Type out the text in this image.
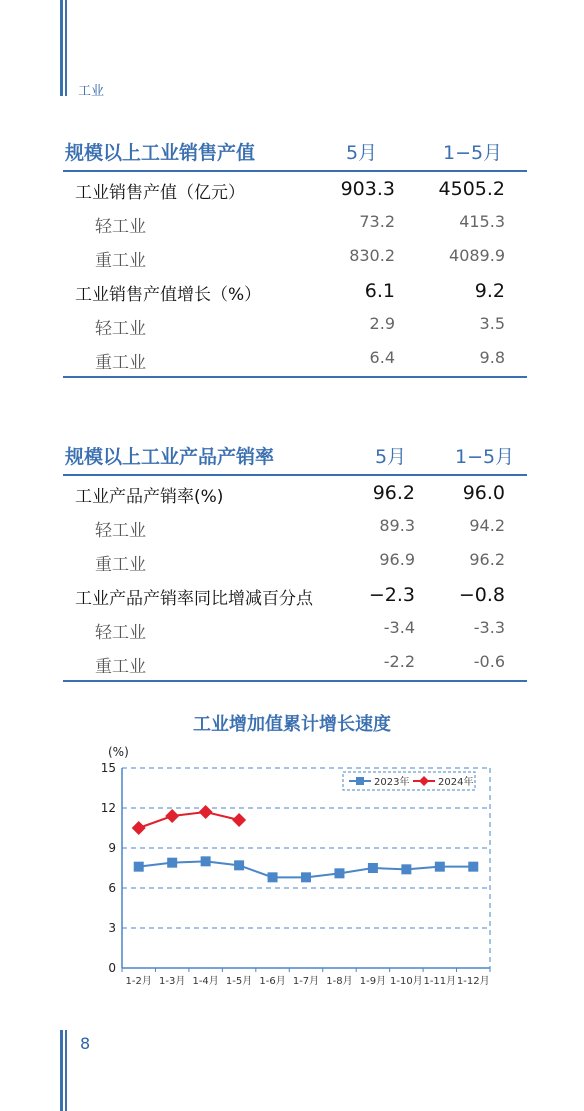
工业
规模以上工业销售产值	5月	1−5月
工业销售产值（亿元）	903.3 4505.2
轻工业	73.2	415.3
重工业	830.2	4089.9
工业销售产值增长（%）	6.1	9.2
轻工业	2.9	3.5
重工业	6.4	9.8
规模以上工业产品产销率	5月	1−5月
工业产品产销率(%)	96.2	96.0
轻工业	89.3	94.2
重工业	96.9	96.2
工业产品产销率同比增减百分点	−2.3 −0.8
轻工业	-3.4	-3.3
重工业	-2.2	-0.6
工业增加值累计增长速度
0
3
6
9
12
15
(%)
1-2月 1-3月 1-4月 1-5月 1-6月 1-7月 1-8月 1-9月 1-10月 1-11月 1-12月
2023年	2024年
8
